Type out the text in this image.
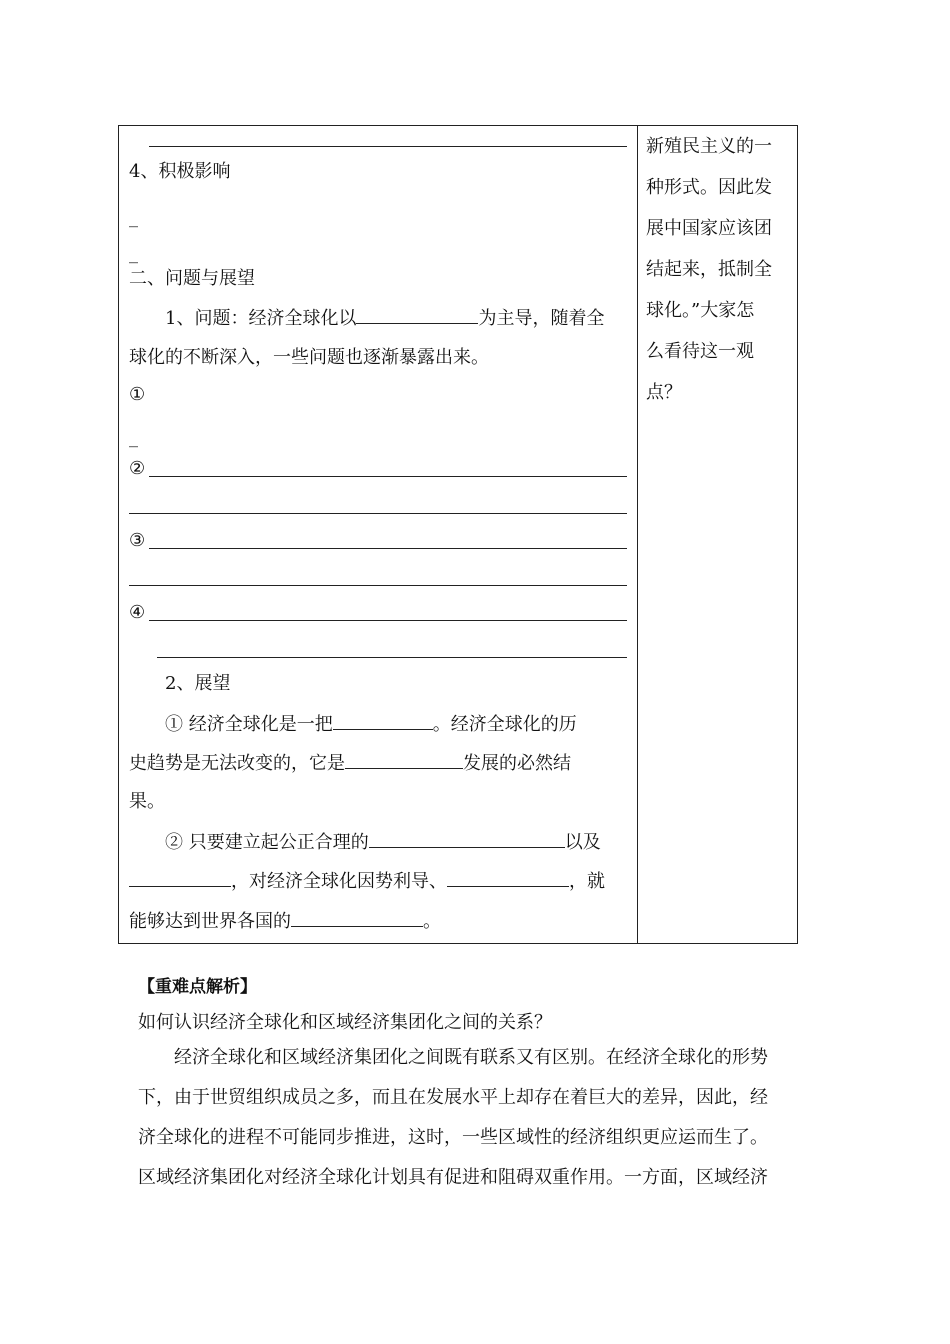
4、积极影响
_
_
二、问题与展望
1、问题：经济全球化以	为主导，随着全
球化的不断深入，一些问题也逐渐暴露出来。
①
_
②
③
④
2、展望
① 经济全球化是一把	。经济全球化的历
史趋势是无法改变的，它是	发展的必然结
果。
② 只要建立起公正合理的	以及
，对经济全球化因势利导、	，就
能够达到世界各国的	。
新殖民主义的一
种形式。因此发
展中国家应该团
结起来，抵制全
球化。”大家怎
么看待这一观
点？
【重难点解析】
如何认识经济全球化和区域经济集团化之间的关系？
经济全球化和区域经济集团化之间既有联系又有区别。在经济全球化的形势
下，由于世贸组织成员之多，而且在发展水平上却存在着巨大的差异，因此，经
济全球化的进程不可能同步推进，这时，一些区域性的经济组织更应运而生了。
区域经济集团化对经济全球化计划具有促进和阻碍双重作用。一方面，区域经济
